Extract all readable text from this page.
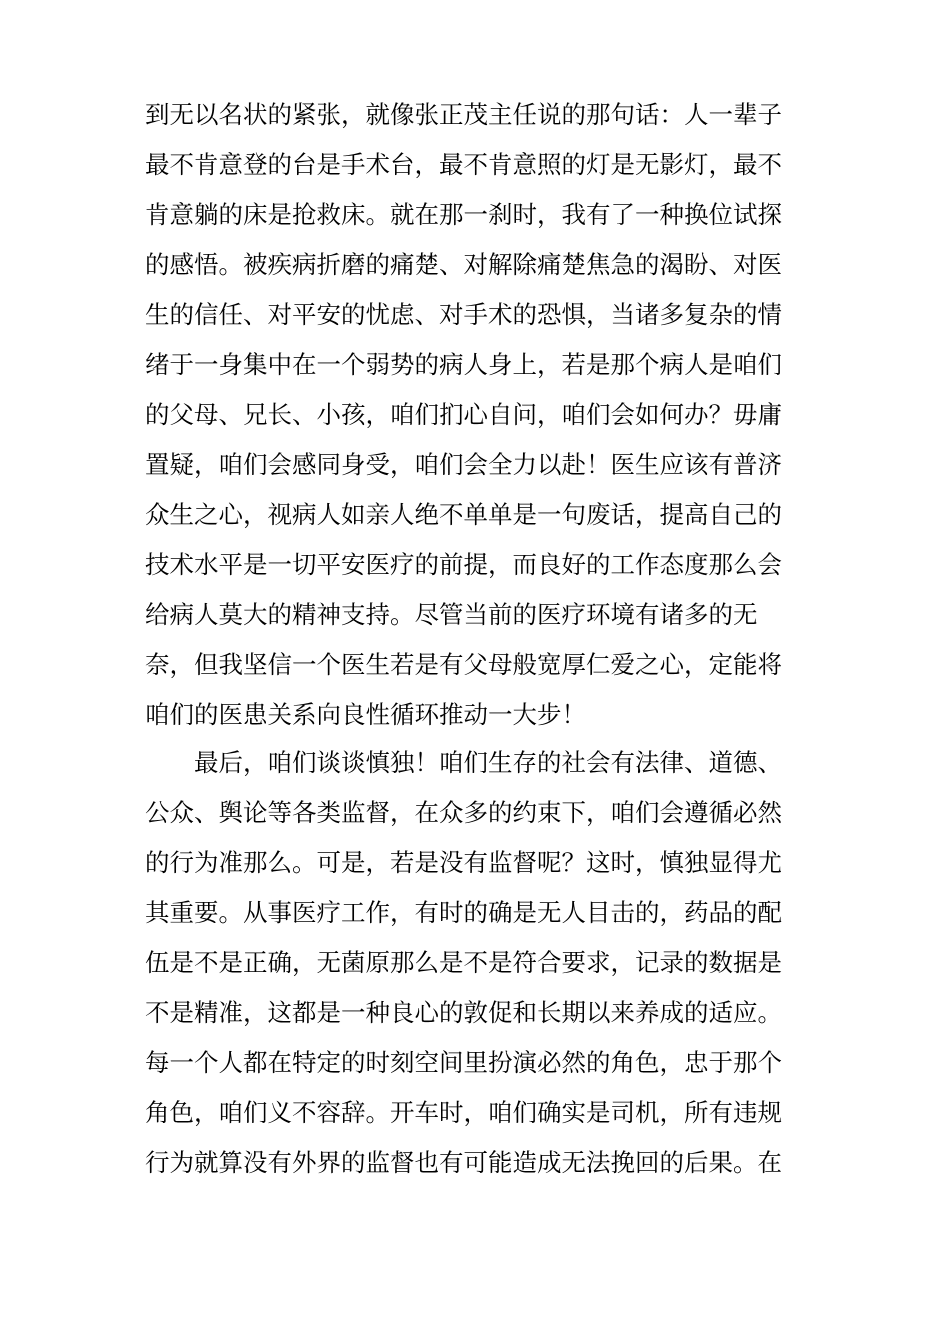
到无以名状的紧张，就像张正茂主任说的那句话：人一辈子
最不肯意登的台是手术台，最不肯意照的灯是无影灯，最不
肯意躺的床是抢救床。就在那一刹时，我有了一种换位试探
的感悟。被疾病折磨的痛楚、对解除痛楚焦急的渴盼、对医
生的信任、对平安的忧虑、对手术的恐惧，当诸多复杂的情
绪于一身集中在一个弱势的病人身上，若是那个病人是咱们
的父母、兄长、小孩，咱们扪心自问，咱们会如何办？毋庸
置疑，咱们会感同身受，咱们会全力以赴！医生应该有普济
众生之心，视病人如亲人绝不单单是一句废话，提高自己的
技术水平是一切平安医疗的前提，而良好的工作态度那么会
给病人莫大的精神支持。尽管当前的医疗环境有诸多的无
奈，但我坚信一个医生若是有父母般宽厚仁爱之心，定能将
咱们的医患关系向良性循环推动一大步！
最后，咱们谈谈慎独！咱们生存的社会有法律、道德、
公众、舆论等各类监督，在众多的约束下，咱们会遵循必然
的行为准那么。可是，若是没有监督呢？这时，慎独显得尤
其重要。从事医疗工作，有时的确是无人目击的，药品的配
伍是不是正确，无菌原那么是不是符合要求，记录的数据是
不是精准，这都是一种良心的敦促和长期以来养成的适应。
每一个人都在特定的时刻空间里扮演必然的角色，忠于那个
角色，咱们义不容辞。开车时，咱们确实是司机，所有违规
行为就算没有外界的监督也有可能造成无法挽回的后果。在
